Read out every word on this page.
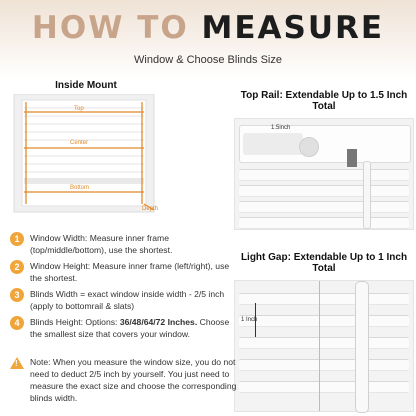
HOW TO MEASURE
Window & Choose Blinds Size
Inside Mount
Top
Center
Bottom
Depth
Top Rail: Extendable Up to 1.5 Inch Total
1.5inch
Light Gap: Extendable Up to 1 Inch Total
1 Inch
1	Window Width: Measure inner frame (top/middle/bottom), use the shortest.
2	Window Height: Measure inner frame (left/right), use the shortest.
3	Blinds Width = exact window inside width - 2/5 inch (apply to bottomrail & slats)
4	Blinds Height: Options: 36/48/64/72 Inches. Choose the smallest size that covers your window.
! Note: When you measure the window size, you do not need to deduct 2/5 inch by yourself. You just need to measure the exact size and choose the corresponding blinds width.
